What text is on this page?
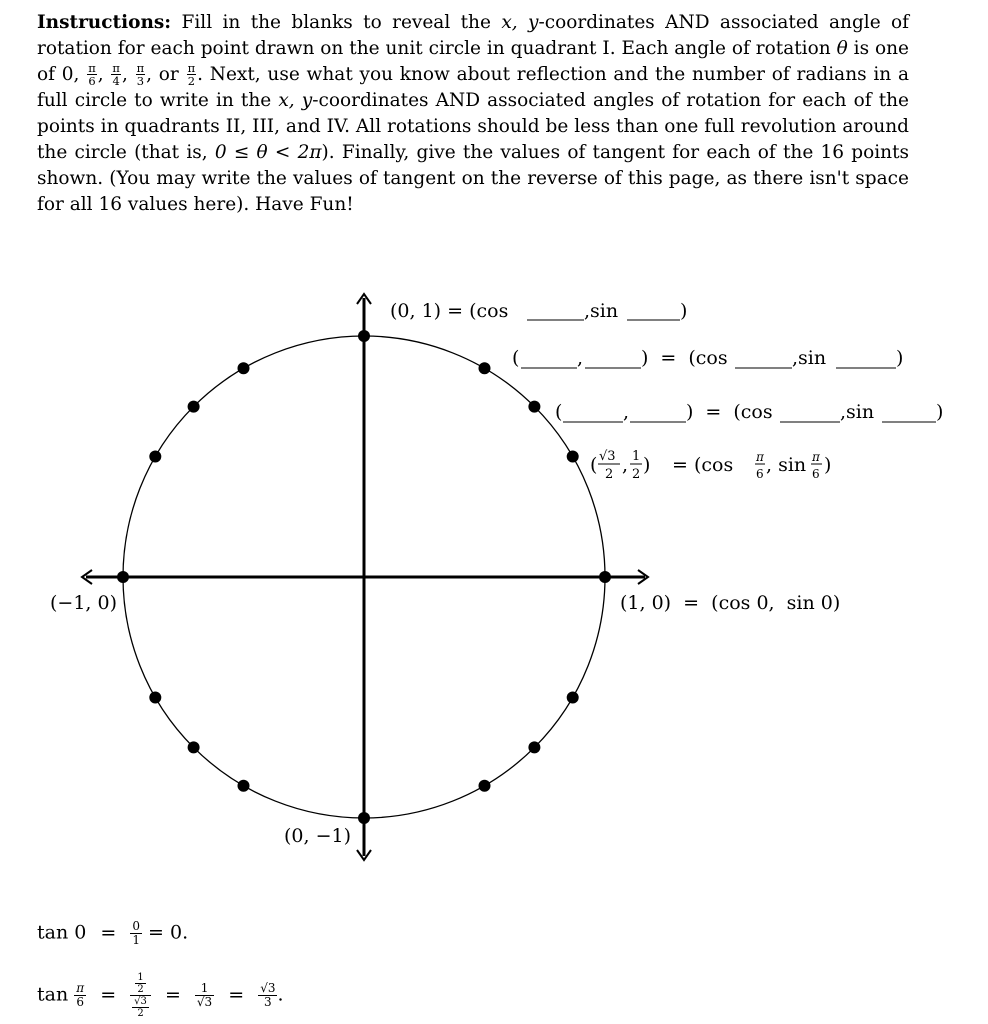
Instructions: Fill in the blanks to reveal the x, y-coordinates AND associated angle of rotation for each point drawn on the unit circle in quadrant I. Each angle of rotation θ is one of 0, $\frac{\pi}{6}$ , $\frac{\pi}{4}$ , $\frac{\pi}{3}$ , or $\frac{\pi}{2}$ . Next, use what you know about reflection and the number of radians in a full circle to write in the x, y-coordinates AND associated angles of rotation for each of the points in quadrants II, III, and IV. All rotations should be less than one full revolution around the circle (that is, 0 ≤ θ < 2π). Finally, give the values of tangent for each of the 16 points shown. (You may write the values of tangent on the reverse of this page, as there isn't space for all 16 values here). Have Fun!
(0, 1) = (cos	,sin	)
(	,	) = (cos	,sin	)
(	,	) = (cos	,sin	)
( √3
2 , 1
2 ) = (cos π
6 , sin π
6 )
(1, 0)  =  (cos 0,  sin 0)
(−1, 0)
(0, −1)
$\tan 0 = \frac{0}{1} = 0$.
$\tan \frac{\pi}{6} = \frac{\frac{1}{2}}{\frac{√3}{2}} = \frac{1}{√3} = \frac{√3}{3}$ .
